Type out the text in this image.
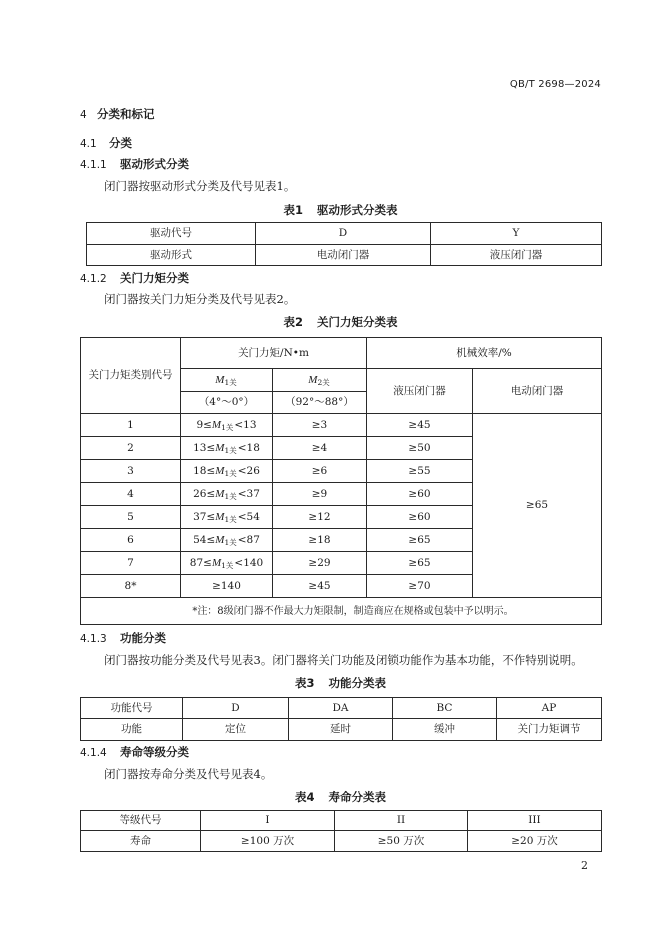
QB/T 2698—2024
4 分类和标记
4.1 分类
4.1.1 驱动形式分类
闭门器按驱动形式分类及代号见表1。
表1 驱动形式分类表
驱动代号	D	Y
驱动形式	电动闭门器	液压闭门器
4.1.2 关门力矩分类
闭门器按关门力矩分类及代号见表2。
表2 关门力矩分类表
关门力矩类别代号	关门力矩/N•m		机械效率/%	
	M1关	M2关	液压闭门器	电动闭门器
	（4°～0°）	（92°～88°）		
1	9≤M1关<13	≥3	≥45	≥65
2	13≤M1关<18	≥4	≥50	
3	18≤M1关<26	≥6	≥55	
4	26≤M1关<37	≥9	≥60	
5	37≤M1关<54	≥12	≥60	
6	54≤M1关<87	≥18	≥65	
7	87≤M1关<140	≥29	≥65	
8*	≥140	≥45	≥70	
*注：8级闭门器不作最大力矩限制，制造商应在规格或包装中予以明示。				
4.1.3 功能分类
闭门器按功能分类及代号见表3。闭门器将关门功能及闭锁功能作为基本功能，不作特别说明。
表3 功能分类表
功能代号	D	DA	BC	AP
功能	定位	延时	缓冲	关门力矩调节
4.1.4 寿命等级分类
闭门器按寿命分类及代号见表4。
表4 寿命分类表
等级代号	I	II	III
寿命	≥100 万次	≥50 万次	≥20 万次
2
